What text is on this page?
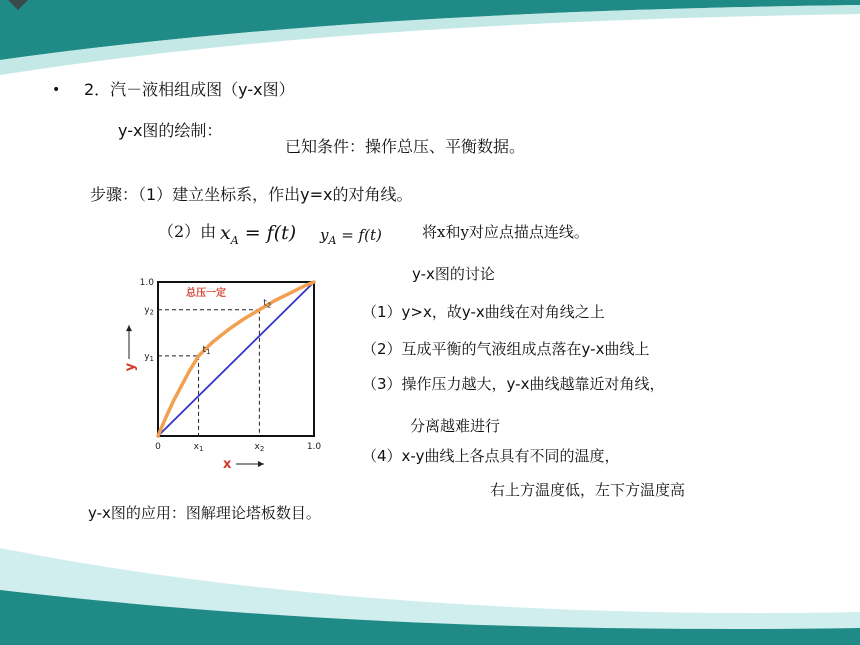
• 2．汽－液相组成图（y-x图）
y-x图的绘制：
已知条件：操作总压、平衡数据。
步骤：（1）建立坐标系，作出y=x的对角线。
（2）由 $x_A = f(t) y_A = f(t)$	将x和y对应点描点连线。
y-x图的讨论
（1）y>x，故y-x曲线在对角线之上
（2）互成平衡的气液组成点落在y-x曲线上
（3）操作压力越大，y-x曲线越靠近对角线，
分离越难进行
（4）x-y曲线上各点具有不同的温度，
右上方温度低，左下方温度高
y-x图的应用：图解理论塔板数目。
$t_1$
$t_2$
总压一定
0	$x_1$	$x_2$	1.0
$y_1$
$y_2$
1.0
x
y
